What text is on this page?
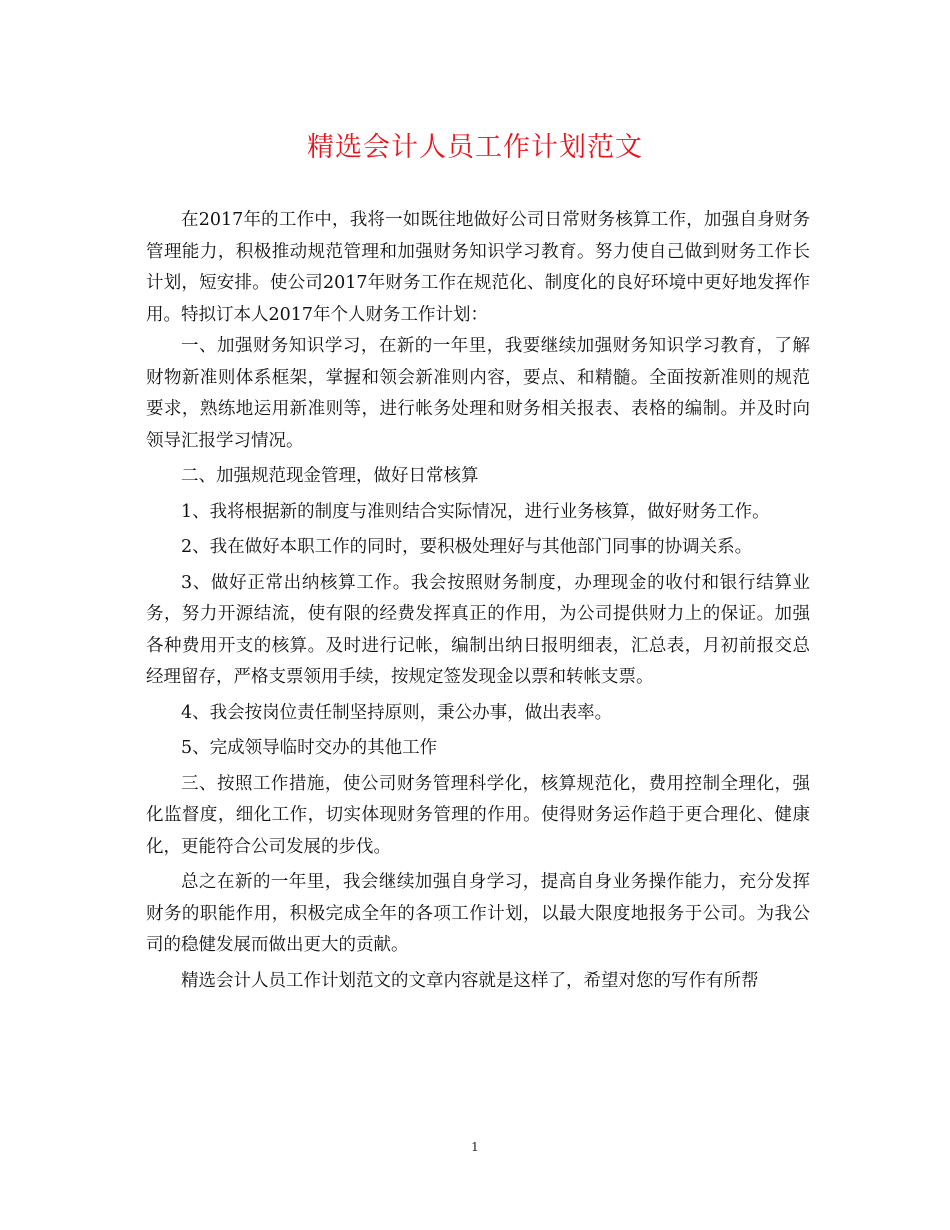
精选会计人员工作计划范文

在2017年的工作中，我将一如既往地做好公司日常财务核算工作，加强自身财务管理能力，积极推动规范管理和加强财务知识学习教育。努力使自己做到财务工作长计划，短安排。使公司2017年财务工作在规范化、制度化的良好环境中更好地发挥作用。特拟订本人2017年个人财务工作计划：

一、加强财务知识学习，在新的一年里，我要继续加强财务知识学习教育，了解财物新准则体系框架，掌握和领会新准则内容，要点、和精髓。全面按新准则的规范要求，熟练地运用新准则等，进行帐务处理和财务相关报表、表格的编制。并及时向领导汇报学习情况。

二、加强规范现金管理，做好日常核算

1、我将根据新的制度与准则结合实际情况，进行业务核算，做好财务工作。

2、我在做好本职工作的同时，要积极处理好与其他部门同事的协调关系。

3、做好正常出纳核算工作。我会按照财务制度，办理现金的收付和银行结算业务，努力开源结流，使有限的经费发挥真正的作用，为公司提供财力上的保证。加强各种费用开支的核算。及时进行记帐，编制出纳日报明细表，汇总表，月初前报交总经理留存，严格支票领用手续，按规定签发现金以票和转帐支票。

4、我会按岗位责任制坚持原则，秉公办事，做出表率。

5、完成领导临时交办的其他工作

三、按照工作措施，使公司财务管理科学化，核算规范化，费用控制全理化，强化监督度，细化工作，切实体现财务管理的作用。使得财务运作趋于更合理化、健康化，更能符合公司发展的步伐。

总之在新的一年里，我会继续加强自身学习，提高自身业务操作能力，充分发挥财务的职能作用，积极完成全年的各项工作计划，以最大限度地报务于公司。为我公司的稳健发展而做出更大的贡献。

精选会计人员工作计划范文的文章内容就是这样了，希望对您的写作有所帮

1
